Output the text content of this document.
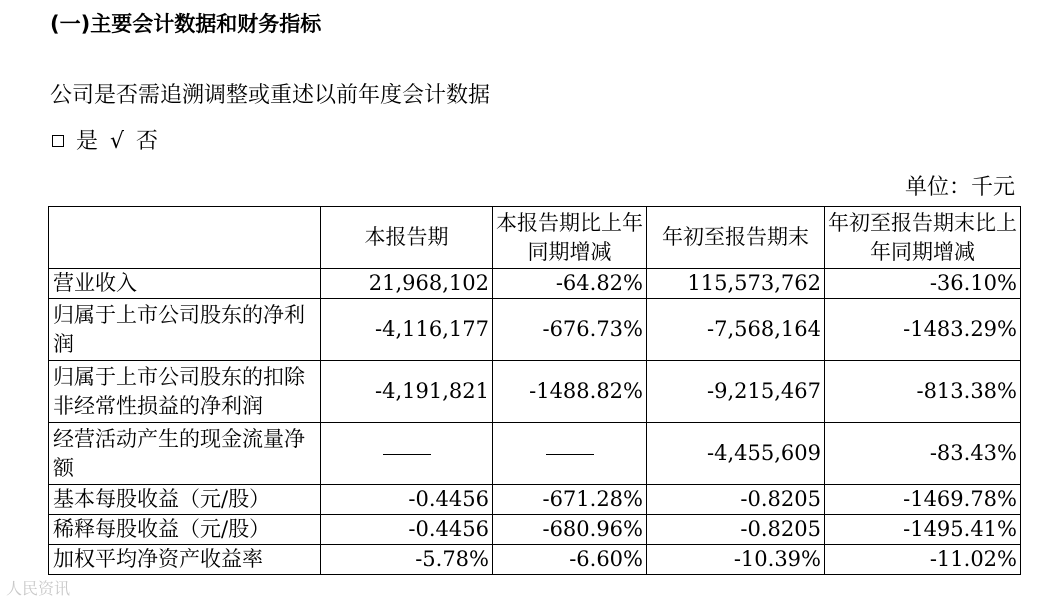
(一)主要会计数据和财务指标
公司是否需追溯调整或重述以前年度会计数据
是 √ 否
单位：千元
	本报告期	本报告期比上年同期增减	年初至报告期末	年初至报告期末比上年同期增减
营业收入	21,968,102	-64.82%	115,573,762	-36.10%
归属于上市公司股东的净利润	-4,116,177	-676.73%	-7,568,164	-1483.29%
归属于上市公司股东的扣除非经常性损益的净利润	-4,191,821	-1488.82%	-9,215,467	-813.38%
经营活动产生的现金流量净额			-4,455,609	-83.43%
基本每股收益（元/股）	-0.4456	-671.28%	-0.8205	-1469.78%
稀释每股收益（元/股）	-0.4456	-680.96%	-0.8205	-1495.41%
加权平均净资产收益率	-5.78%	-6.60%	-10.39%	-11.02%
人民资讯
